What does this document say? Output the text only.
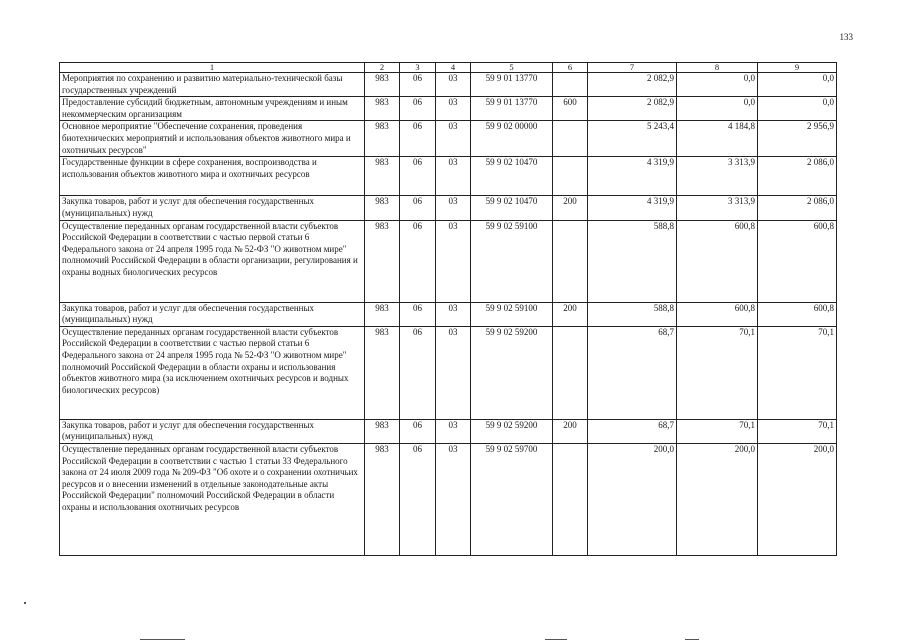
133
1	2	3	4	5	6	7	8	9
Мероприятия по сохранению и развитию материально-технической базы государственных учреждений	983	06	03	59 9 01 13770		2 082,9	0,0	0,0
Предоставление субсидий бюджетным, автономным учреждениям и иным некоммерческим организациям	983	06	03	59 9 01 13770	600	2 082,9	0,0	0,0
Основное мероприятие "Обеспечение сохранения, проведения биотехнических мероприятий и использования объектов животного мира и охотничьих ресурсов"	983	06	03	59 9 02 00000		5 243,4	4 184,8	2 956,9
Государственные функции в сфере сохранения, воспроизводства и использования объектов животного мира и охотничьих ресурсов	983	06	03	59 9 02 10470		4 319,9	3 313,9	2 086,0
Закупка товаров, работ и услуг для обеспечения государственных (муниципальных) нужд	983	06	03	59 9 02 10470	200	4 319,9	3 313,9	2 086,0
Осуществление переданных органам государственной власти субъектов Российской Федерации в соответствии с частью первой статьи 6 Федерального закона от 24 апреля 1995 года № 52-ФЗ "О животном мире" полномочий Российской Федерации в области организации, регулирования и охраны водных биологических ресурсов	983	06	03	59 9 02 59100		588,8	600,8	600,8
Закупка товаров, работ и услуг для обеспечения государственных (муниципальных) нужд	983	06	03	59 9 02 59100	200	588,8	600,8	600,8
Осуществление переданных органам государственной власти субъектов Российской Федерации в соответствии с частью первой статьи 6 Федерального закона от 24 апреля 1995 года № 52-ФЗ "О животном мире" полномочий Российской Федерации в области охраны и использования объектов животного мира (за исключением охотничьих ресурсов и водных биологических ресурсов)	983	06	03	59 9 02 59200		68,7	70,1	70,1
Закупка товаров, работ и услуг для обеспечения государственных (муниципальных) нужд	983	06	03	59 9 02 59200	200	68,7	70,1	70,1
Осуществление переданных органам государственной власти субъектов Российской Федерации в соответствии с частью 1 статьи 33 Федерального закона от 24 июля 2009 года № 209-ФЗ "Об охоте и о сохранении охотничьих ресурсов и о внесении изменений в отдельные законодательные акты Российской Федерации" полномочий Российской Федерации в области охраны и использования охотничьих ресурсов	983	06	03	59 9 02 59700		200,0	200,0	200,0
